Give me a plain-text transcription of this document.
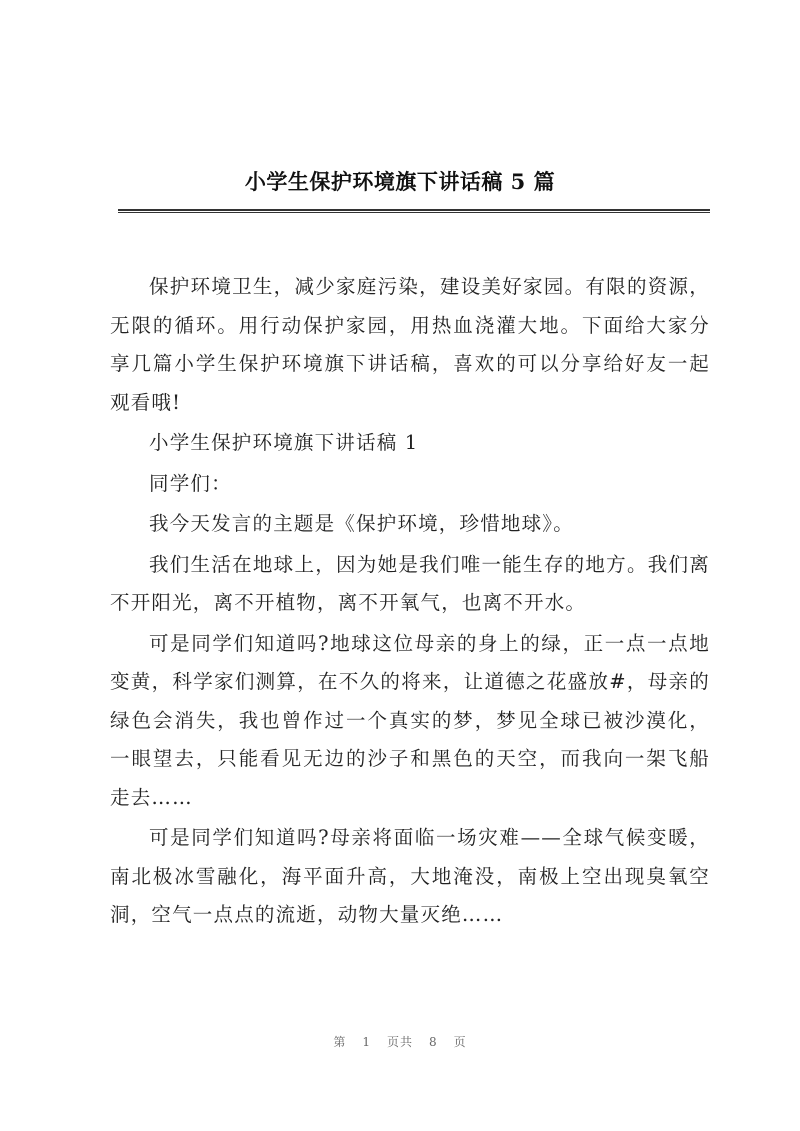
小学生保护环境旗下讲话稿 5 篇

保护环境卫生，减少家庭污染，建设美好家园。有限的资源，无限的循环。用行动保护家园，用热血浇灌大地。下面给大家分享几篇小学生保护环境旗下讲话稿，喜欢的可以分享给好友一起观看哦!

小学生保护环境旗下讲话稿 1

同学们：

我今天发言的主题是《保护环境，珍惜地球》。

我们生活在地球上，因为她是我们唯一能生存的地方。我们离不开阳光，离不开植物，离不开氧气，也离不开水。

可是同学们知道吗?地球这位母亲的身上的绿，正一点一点地变黄，科学家们测算，在不久的将来，让道德之花盛放#，母亲的绿色会消失，我也曾作过一个真实的梦，梦见全球已被沙漠化，一眼望去，只能看见无边的沙子和黑色的天空，而我向一架飞船走去……

可是同学们知道吗?母亲将面临一场灾难——全球气候变暖，南北极冰雪融化，海平面升高，大地淹没，南极上空出现臭氧空洞，空气一点点的流逝，动物大量灭绝……

第 1 页共 8 页
